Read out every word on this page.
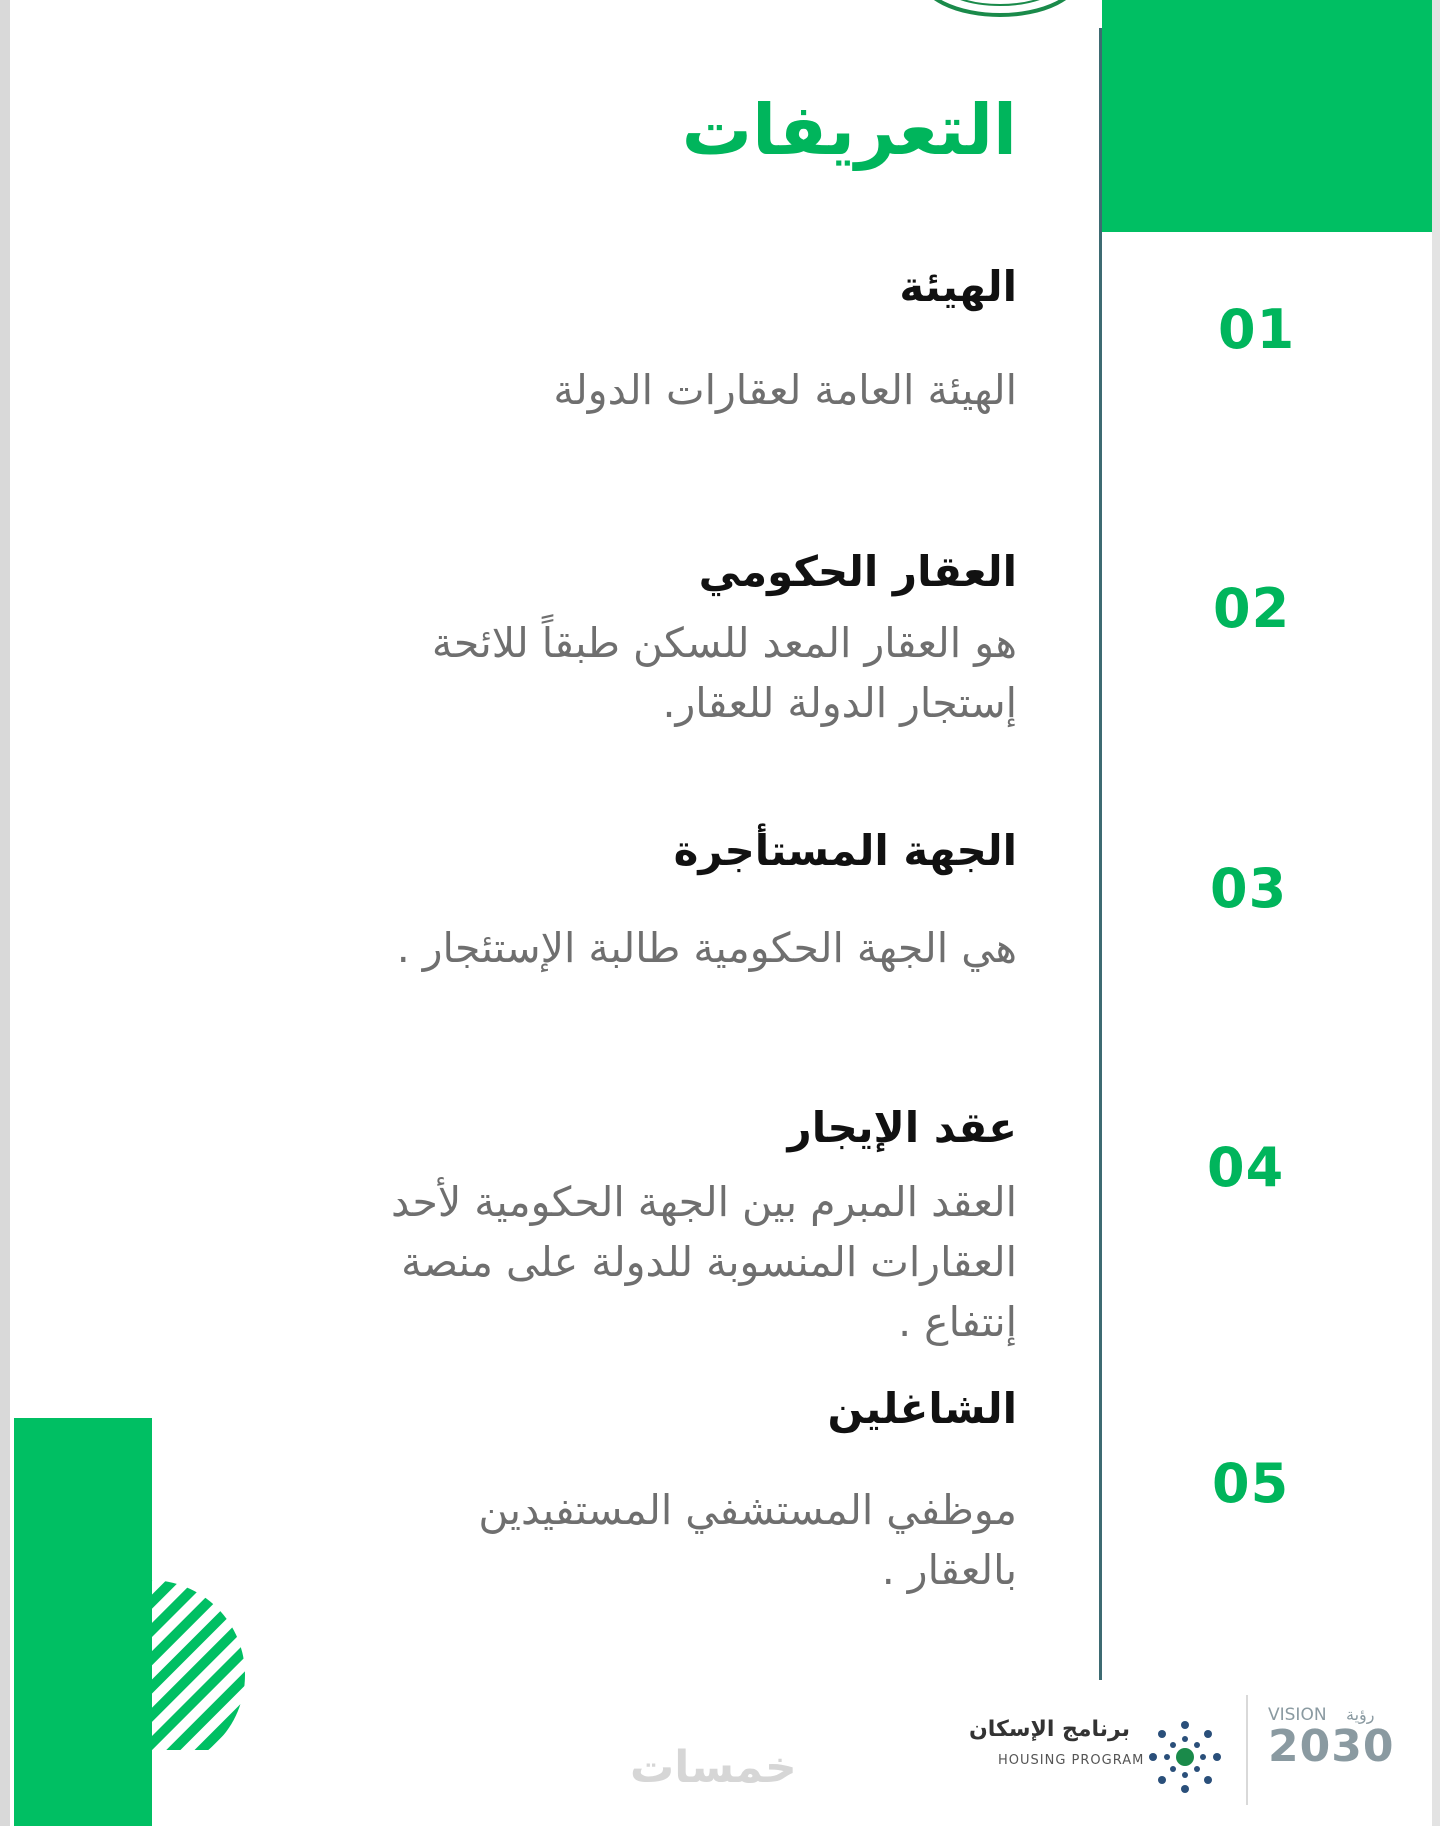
التعريفات
01
الهيئة

الهيئة العامة لعقارات الدولة

02
العقار الحكومي

هو العقار المعد للسكن طبقاً للائحة إستجار الدولة للعقار.

03
الجهة المستأجرة

هي الجهة الحكومية طالبة الإستئجار .

04
عقد الإيجار

العقد المبرم بين الجهة الحكومية لأحد العقارات المنسوبة للدولة على منصة إنتفاع .

05
الشاغلين

موظفي المستشفي المستفيدين بالعقار .

برنامج الإسكان

HOUSING PROGRAM

VISION رؤية

2030

خمسات
